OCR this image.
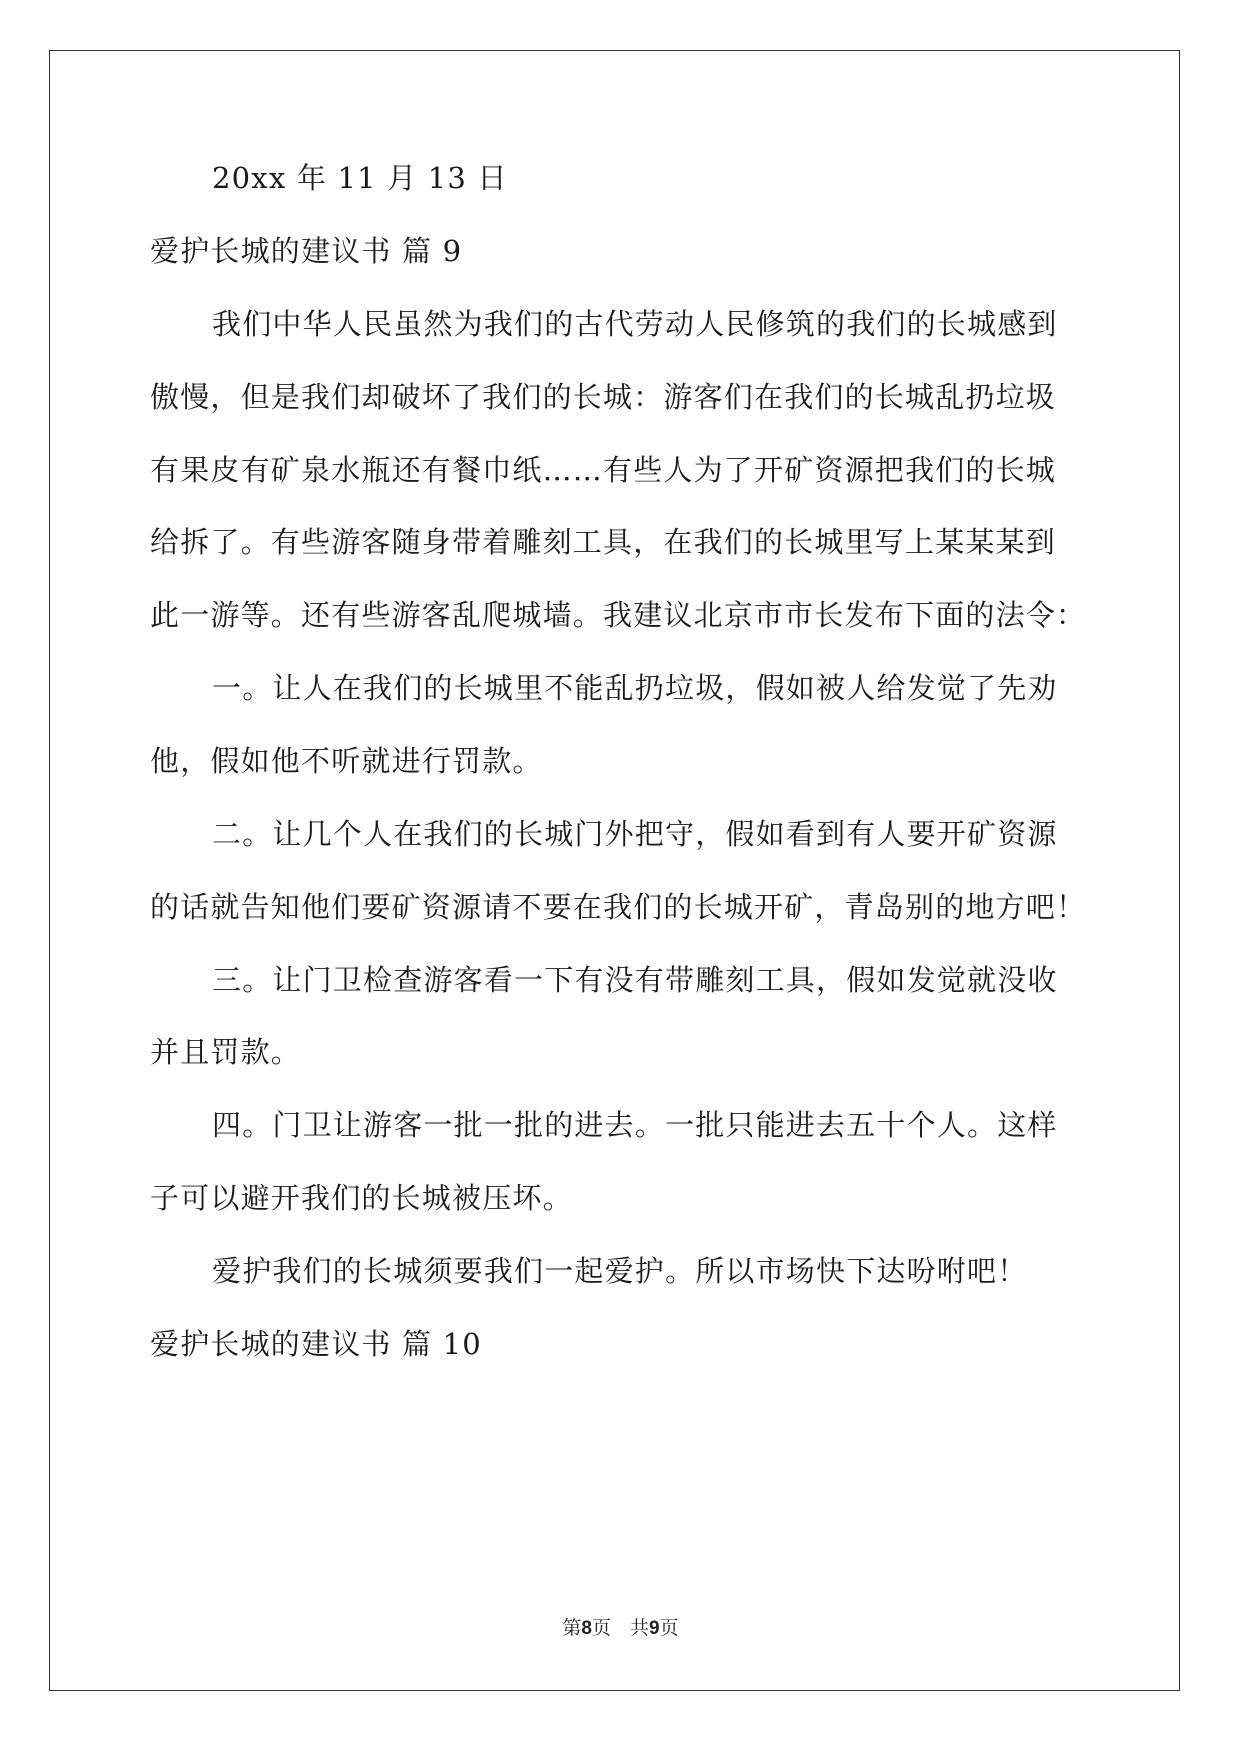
20xx 年 11 月 13 日
爱护长城的建议书 篇 9
我们中华人民虽然为我们的古代劳动人民修筑的我们的长城感到
傲慢，但是我们却破坏了我们的长城：游客们在我们的长城乱扔垃圾
有果皮有矿泉水瓶还有餐巾纸……有些人为了开矿资源把我们的长城
给拆了。有些游客随身带着雕刻工具，在我们的长城里写上某某某到
此一游等。还有些游客乱爬城墙。我建议北京市市长发布下面的法令：
一。让人在我们的长城里不能乱扔垃圾，假如被人给发觉了先劝
他，假如他不听就进行罚款。
二。让几个人在我们的长城门外把守，假如看到有人要开矿资源
的话就告知他们要矿资源请不要在我们的长城开矿，青岛别的地方吧！
三。让门卫检查游客看一下有没有带雕刻工具，假如发觉就没收
并且罚款。
四。门卫让游客一批一批的进去。一批只能进去五十个人。这样
子可以避开我们的长城被压坏。
爱护我们的长城须要我们一起爱护。所以市场快下达吩咐吧！
爱护长城的建议书 篇 10
第8页　共9页
